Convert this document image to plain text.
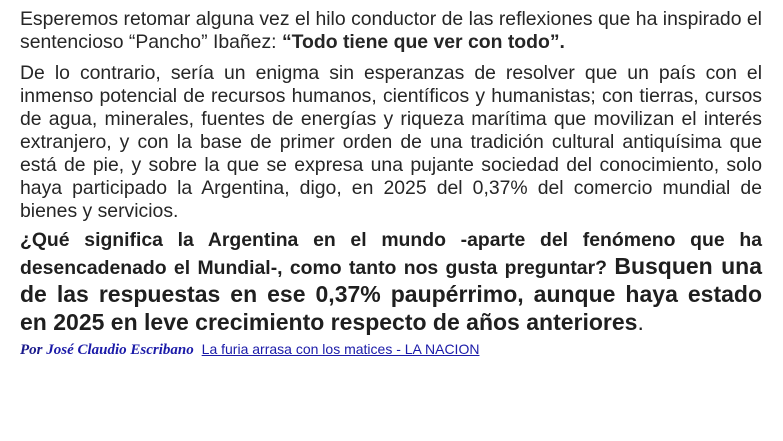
Esperemos retomar alguna vez el hilo conductor de las reflexiones que ha inspirado el sentencioso “Pancho” Ibañez: “Todo tiene que ver con todo”.

De lo contrario, sería un enigma sin esperanzas de resolver que un país con el inmenso potencial de recursos humanos, científicos y humanistas; con tierras, cursos de agua, minerales, fuentes de energías y riqueza marítima que movilizan el interés extranjero, y con la base de primer orden de una tradición cultural antiquísima que está de pie, y sobre la que se expresa una pujante sociedad del conocimiento, solo haya participado la Argentina, digo, en 2025 del 0,37% del comercio mundial de bienes y servicios.

¿Qué significa la Argentina en el mundo -aparte del fenómeno que ha desencadenado el Mundial-, como tanto nos gusta preguntar? Busquen una de las respuestas en ese 0,37% paupérrimo, aunque haya estado en 2025 en leve crecimiento respecto de años anteriores.

Por José Claudio Escribano La furia arrasa con los matices - LA NACION
